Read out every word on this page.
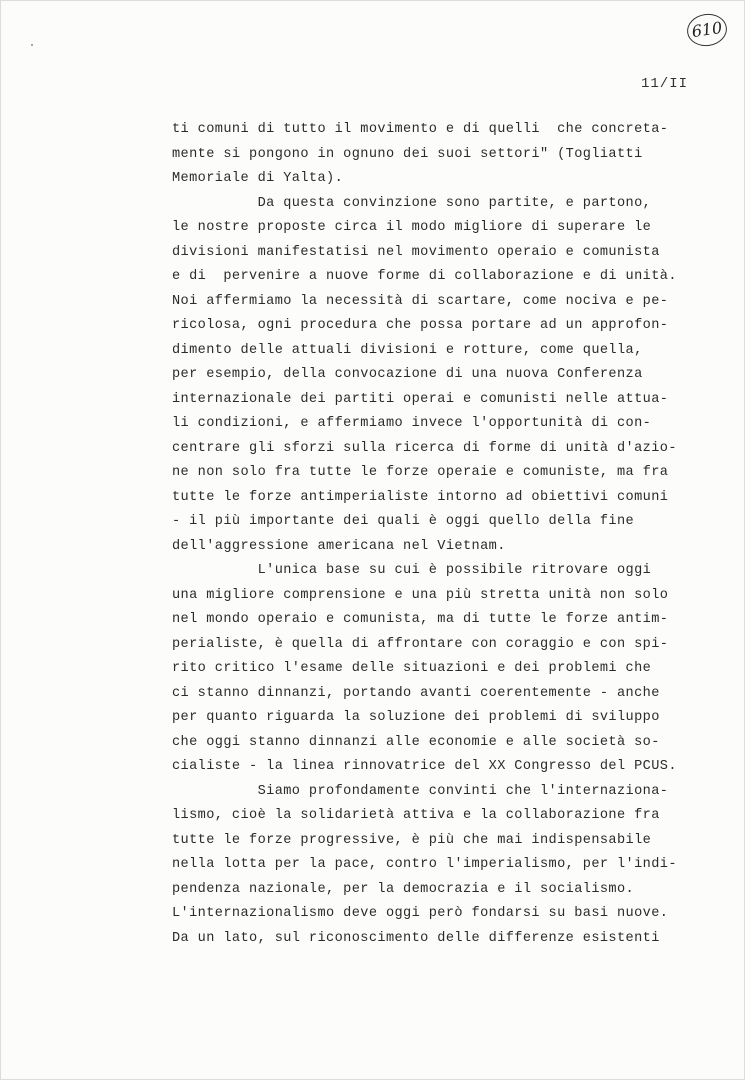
610
11/II
ti comuni di tutto il movimento e di quelli  che concreta-
mente si pongono in ognuno dei suoi settori" (Togliatti
Memoriale di Yalta).
Da questa convinzione sono partite, e partono,
le nostre proposte circa il modo migliore di superare le
divisioni manifestatisi nel movimento operaio e comunista
e di  pervenire a nuove forme di collaborazione e di unità.
Noi affermiamo la necessità di scartare, come nociva e pe-
ricolosa, ogni procedura che possa portare ad un approfon-
dimento delle attuali divisioni e rotture, come quella,
per esempio, della convocazione di una nuova Conferenza
internazionale dei partiti operai e comunisti nelle attua-
li condizioni, e affermiamo invece l'opportunità di con-
centrare gli sforzi sulla ricerca di forme di unità d'azio-
ne non solo fra tutte le forze operaie e comuniste, ma fra
tutte le forze antimperialiste intorno ad obiettivi comuni
- il più importante dei quali è oggi quello della fine
dell'aggressione americana nel Vietnam.
L'unica base su cui è possibile ritrovare oggi
una migliore comprensione e una più stretta unità non solo
nel mondo operaio e comunista, ma di tutte le forze antim-
perialiste, è quella di affrontare con coraggio e con spi-
rito critico l'esame delle situazioni e dei problemi che
ci stanno dinnanzi, portando avanti coerentemente - anche
per quanto riguarda la soluzione dei problemi di sviluppo
che oggi stanno dinnanzi alle economie e alle società so-
cialiste - la linea rinnovatrice del XX Congresso del PCUS.
Siamo profondamente convinti che l'internaziona-
lismo, cioè la solidarietà attiva e la collaborazione fra
tutte le forze progressive, è più che mai indispensabile
nella lotta per la pace, contro l'imperialismo, per l'indi-
pendenza nazionale, per la democrazia e il socialismo.
L'internazionalismo deve oggi però fondarsi su basi nuove.
Da un lato, sul riconoscimento delle differenze esistenti
